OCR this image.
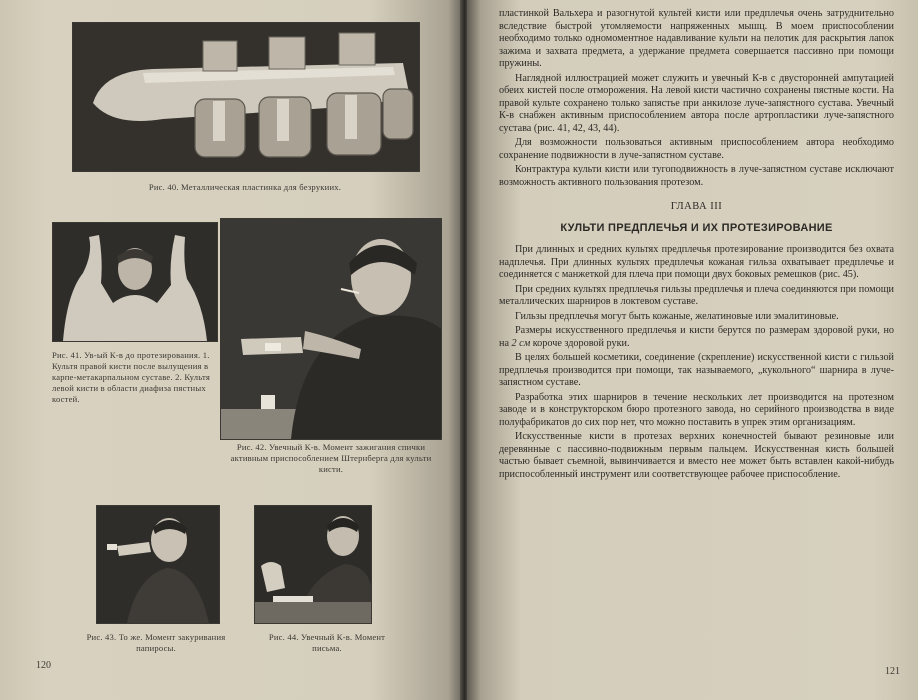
Рис. 40. Металлическая пластинка для безрукиих.
Рис. 41. Ув-ый К-в до протезирования. 1. Культя правой кисти после вылущения в карпе-метакарпальном суставе. 2. Культя левой кисти в области диафиза пястных костей.
Рис. 42. Увечный К-в. Момент зажигания спички активным приспособлением Штернберга для культи кисти.
Рис. 43. То же. Момент закуривания папиросы.
Рис. 44. Увечный К-в. Момент письма.
120

пластинкой Вальхера и разогнутой культей кисти или предплечья очень затруднительно вследствие быстрой утомляемости напряженных мышц. В моем приспособлении необходимо только одномоментное надавливание культи на пелотик для раскрытия лапок зажима и захвата предмета, а удержание предмета совершается пассивно при помощи пружины.

Наглядной иллюстрацией может служить и увечный К-в с двусторонней ампутацией обеих кистей после отморожения. На левой кисти частично сохранены пястные кости. На правой культе сохранено только запястье при анкилозе луче-запястного сустава. Увечный К-в снабжен активным приспособлением автора после артропластики луче-запястного сустава (рис. 41, 42, 43, 44).

Для возможности пользоваться активным приспособлением автора необходимо сохранение подвижности в луче-запястном суставе.

Контрактура культи кисти или тугоподвижность в луче-запястном суставе исключают возможность активного пользования протезом.

ГЛАВА III
КУЛЬТИ ПРЕДПЛЕЧЬЯ И ИХ ПРОТЕЗИРОВАНИЕ

При длинных и средних культях предплечья протезирование производится без охвата надплечья. При длинных культях предплечья кожаная гильза охватывает предплечье и соединяется с манжеткой для плеча при помощи двух боковых ремешков (рис. 45).

При средних культях предплечья гильзы предплечья и плеча соединяются при помощи металлических шарниров в локтевом суставе.

Гильзы предплечья могут быть кожаные, желатиновые или эмалитиновые.

Размеры искусственного предплечья и кисти берутся по размерам здоровой руки, но на 2 см короче здоровой руки.

В целях большей косметики, соединение (скрепление) искусственной кисти с гильзой предплечья производится при помощи, так называемого, „кукольного“ шарнира в луче-запястном суставе.

Разработка этих шарниров в течение нескольких лет производится на протезном заводе и в конструкторском бюро протезного завода, но серийного производства в виде полуфабрикатов до сих пор нет, что можно поставить в упрек этим организациям.

Искусственные кисти в протезах верхних конечностей бывают резиновые или деревянные с пассивно-подвижным первым пальцем. Искусственная кисть большей частью бывает съемной, вывинчивается и вместо нее может быть вставлен какой-нибудь приспособленный инструмент или соответствующее рабочее приспособление.

121
